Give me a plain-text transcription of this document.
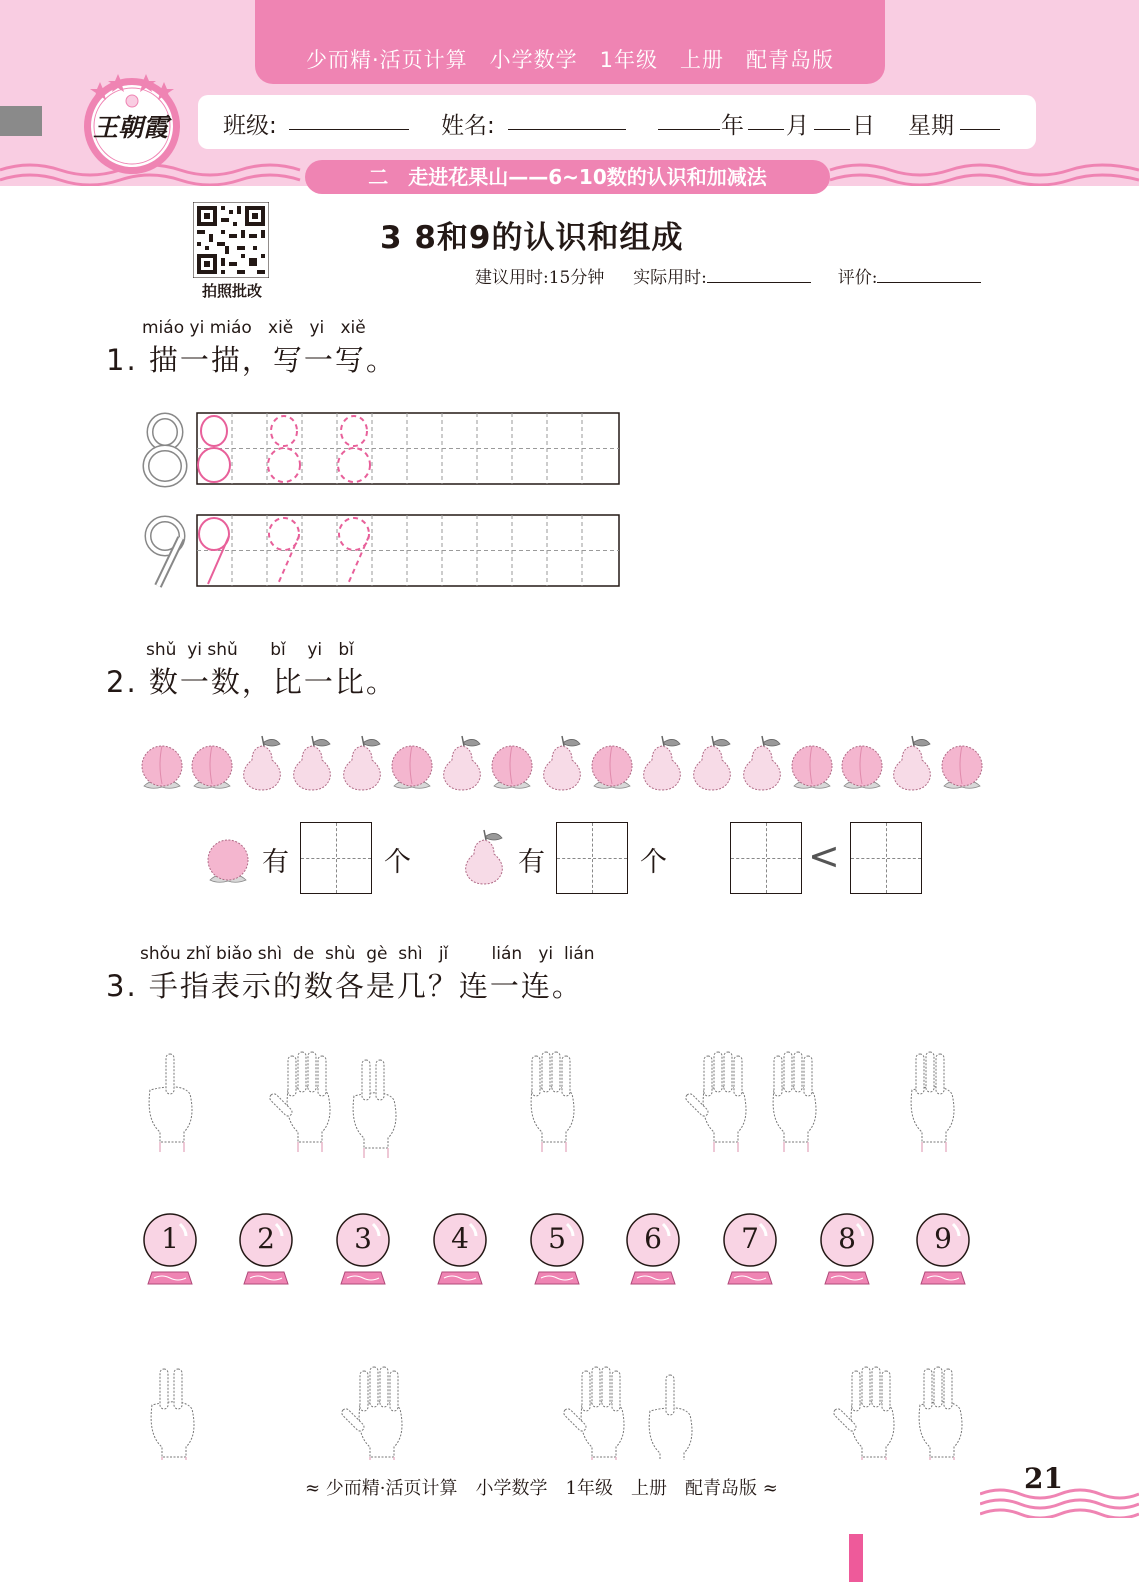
少而精·活页计算　小学数学　1年级　上册　配青岛版
王朝霞 班级:	姓名:	年 月 日 星期
二　走进花果山——6~10数的认识和加减法
拍照批改
3 8和9的认识和组成
建议用时:15分钟 实际用时:	评价:
miáo yi miáo   xiě   yi   xiě
1. 描一描，写一写。
shǔ  yi shǔ      bǐ    yi   bǐ
2. 数一数，比一比。
有	个	有	个	<
shǒu zhǐ biǎo shì  de  shù  gè  shì   jǐ        lián   yi  lián
3. 手指表示的数各是几？连一连。
1	2	3	4	5	6	7	8	9
≈ 少而精·活页计算　小学数学　1年级　上册　配青岛版 ≈	21
